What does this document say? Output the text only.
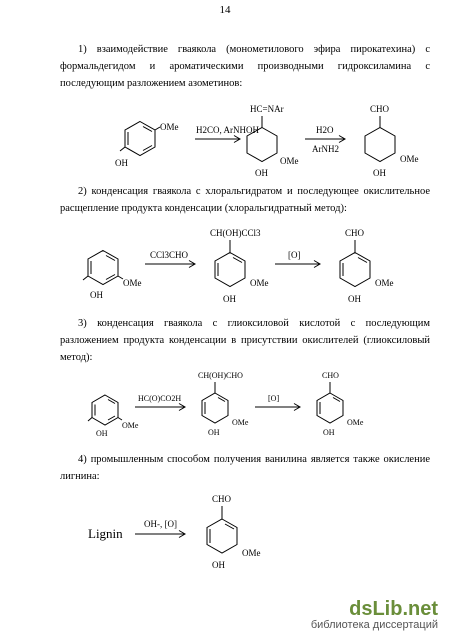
14

1) взаимодействие гваякола (монометилового эфира пирокатехина) с
формальдегидом и ароматическими производными гидроксиламина с

последующим разложением азометинов:

OH
OMe H2CO, ArNHOH
HC=NAr
OH
OMe
H2O
ArNH2
CHO
OH
OMe

2) конденсация гваякола с хлоральгидратом и последующее окислительное

расщепление продукта конденсации (хлоральгидратный метод):

OH
OMe
CCl3CHO
CH(OH)CCl3
OH
OMe
[O]
CHO
OH
OMe

3) конденсация гваякола с глиоксиловой кислотой с последующим
разложением продукта конденсации в присутствии окислителей (глиоксиловый

метод):

OH
OMe
HC(O)CO2H
CH(OH)CHO
OH
OMe
[O]
CHO
OH
OMe

4) промышленным способом получения ванилина является также окисление

лигнина:

Lignin
OH-, [O]
CHO
OH
OMe
dsLib.net
библиотека диссертаций
